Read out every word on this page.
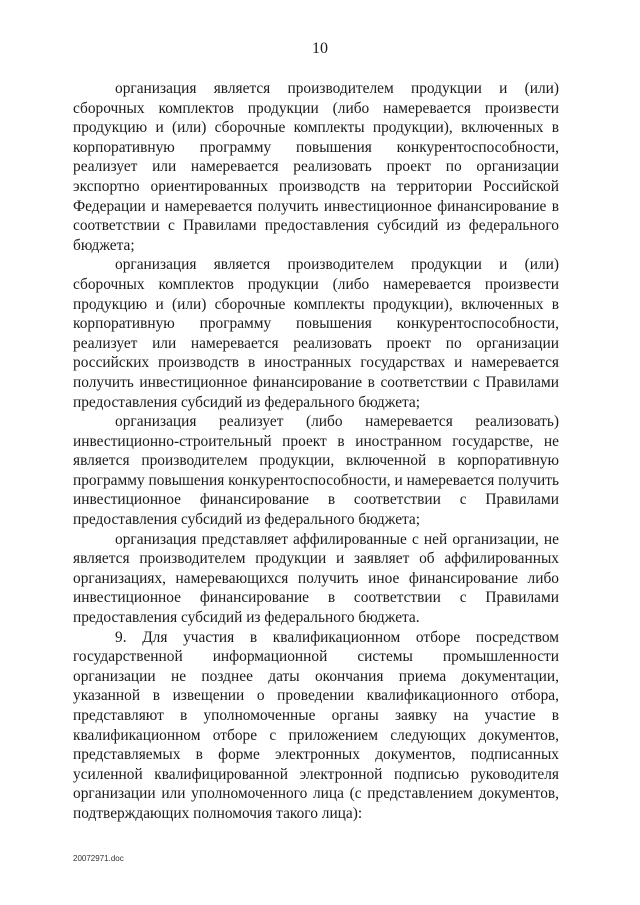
10

организация является производителем продукции и (или) сборочных комплектов продукции (либо намеревается произвести продукцию и (или) сборочные комплекты продукции), включенных в корпоративную программу повышения конкурентоспособности, реализует или намеревается реализовать проект по организации экспортно ориентированных производств на территории Российской Федерации и намеревается получить инвестиционное финансирование в соответствии с Правилами предоставления субсидий из федерального бюджета;

организация является производителем продукции и (или) сборочных комплектов продукции (либо намеревается произвести продукцию и (или) сборочные комплекты продукции), включенных в корпоративную программу повышения конкурентоспособности, реализует или намеревается реализовать проект по организации российских производств в иностранных государствах и намеревается получить инвестиционное финансирование в соответствии с Правилами предоставления субсидий из федерального бюджета;

организация реализует (либо намеревается реализовать) инвестиционно-строительный проект в иностранном государстве, не является производителем продукции, включенной в корпоративную программу повышения конкурентоспособности, и намеревается получить инвестиционное финансирование в соответствии с Правилами предоставления субсидий из федерального бюджета;

организация представляет аффилированные с ней организации, не является производителем продукции и заявляет об аффилированных организациях, намеревающихся получить иное финансирование либо инвестиционное финансирование в соответствии с Правилами предоставления субсидий из федерального бюджета.

9. Для участия в квалификационном отборе посредством государственной информационной системы промышленности организации не позднее даты окончания приема документации, указанной в извещении о проведении квалификационного отбора, представляют в уполномоченные органы заявку на участие в квалификационном отборе с приложением следующих документов, представляемых в форме электронных документов, подписанных усиленной квалифицированной электронной подписью руководителя организации или уполномоченного лица (с представлением документов, подтверждающих полномочия такого лица):

20072971.doc
